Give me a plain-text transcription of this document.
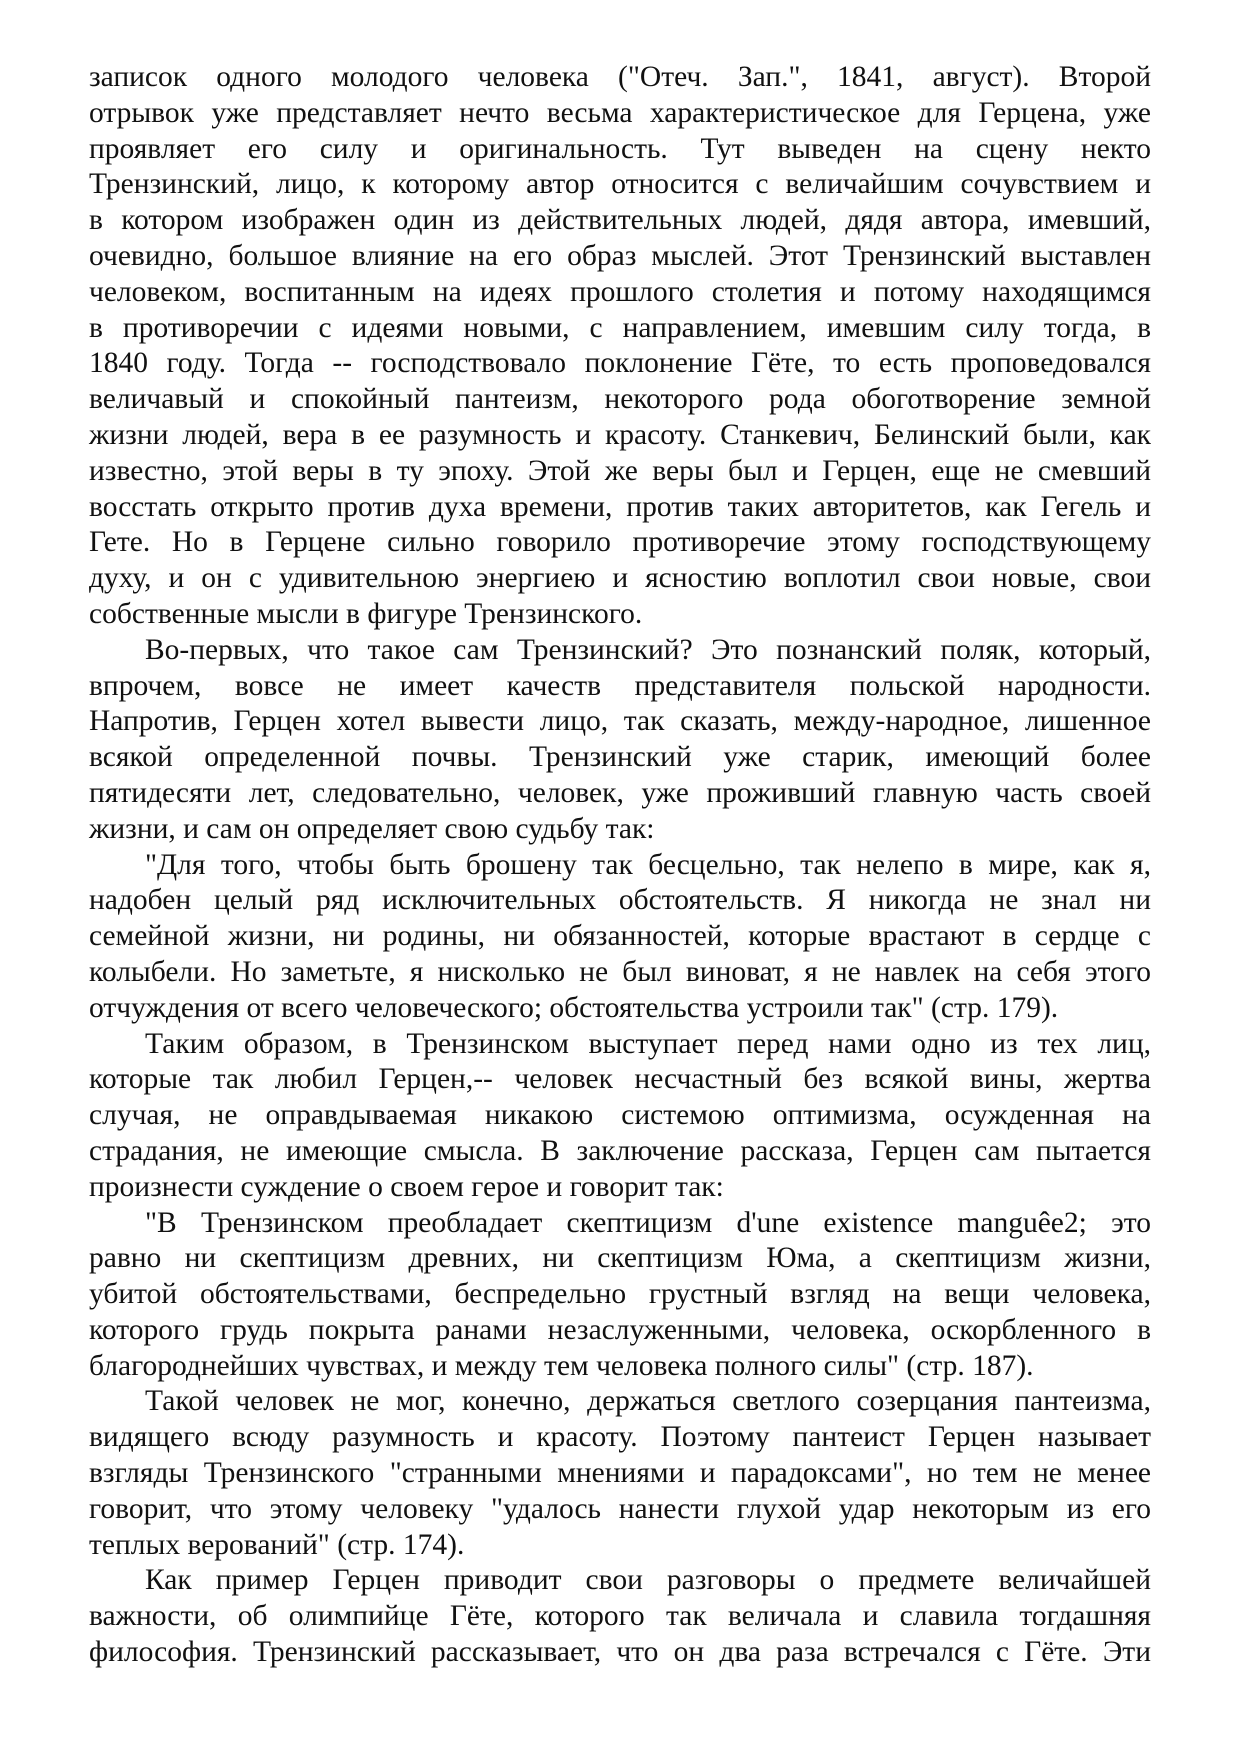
записок одного молодого человека ("Отеч. Зап.", 1841, август). Второй
отрывок уже представляет нечто весьма характеристическое для Герцена, уже
проявляет его силу и оригинальность. Тут выведен на сцену некто
Трензинский, лицо, к которому автор относится с величайшим сочувствием и
в котором изображен один из действительных людей, дядя автора, имевший,
очевидно, большое влияние на его образ мыслей. Этот Трензинский выставлен
человеком, воспитанным на идеях прошлого столетия и потому находящимся
в противоречии с идеями новыми, с направлением, имевшим силу тогда, в
1840 году. Тогда -- господствовало поклонение Гёте, то есть проповедовался
величавый и спокойный пантеизм, некоторого рода обоготворение земной
жизни людей, вера в ее разумность и красоту. Станкевич, Белинский были, как
известно, этой веры в ту эпоху. Этой же веры был и Герцен, еще не смевший
восстать открыто против духа времени, против таких авторитетов, как Гегель и
Гете. Но в Герцене сильно говорило противоречие этому господствующему
духу, и он с удивительною энергиею и ясностию воплотил свои новые, свои
собственные мысли в фигуре Трензинского.
Во-первых, что такое сам Трензинский? Это познанский поляк, который,
впрочем, вовсе не имеет качеств представителя польской народности.
Напротив, Герцен хотел вывести лицо, так сказать, между-народное, лишенное
всякой определенной почвы. Трензинский уже старик, имеющий более
пятидесяти лет, следовательно, человек, уже проживший главную часть своей
жизни, и сам он определяет свою судьбу так:
"Для того, чтобы быть брошену так бесцельно, так нелепо в мире, как я,
надобен целый ряд исключительных обстоятельств. Я никогда не знал ни
семейной жизни, ни родины, ни обязанностей, которые врастают в сердце с
колыбели. Но заметьте, я нисколько не был виноват, я не навлек на себя этого
отчуждения от всего человеческого; обстоятельства устроили так" (стр. 179).
Таким образом, в Трензинском выступает перед нами одно из тех лиц,
которые так любил Герцен,-- человек несчастный без всякой вины, жертва
случая, не оправдываемая никакою системою оптимизма, осужденная на
страдания, не имеющие смысла. В заключение рассказа, Герцен сам пытается
произнести суждение о своем герое и говорит так:
"В Трензинском преобладает скептицизм d'une existence manguêe2; это
равно ни скептицизм древних, ни скептицизм Юма, а скептицизм жизни,
убитой обстоятельствами, беспредельно грустный взгляд на вещи человека,
которого грудь покрыта ранами незаслуженными, человека, оскорбленного в
благороднейших чувствах, и между тем человека полного силы" (стр. 187).
Такой человек не мог, конечно, держаться светлого созерцания пантеизма,
видящего всюду разумность и красоту. Поэтому пантеист Герцен называет
взгляды Трензинского "странными мнениями и парадоксами", но тем не менее
говорит, что этому человеку "удалось нанести глухой удар некоторым из его
теплых верований" (стр. 174).
Как пример Герцен приводит свои разговоры о предмете величайшей
важности, об олимпийце Гёте, которого так величала и славила тогдашняя
философия. Трензинский рассказывает, что он два раза встречался с Гёте. Эти
